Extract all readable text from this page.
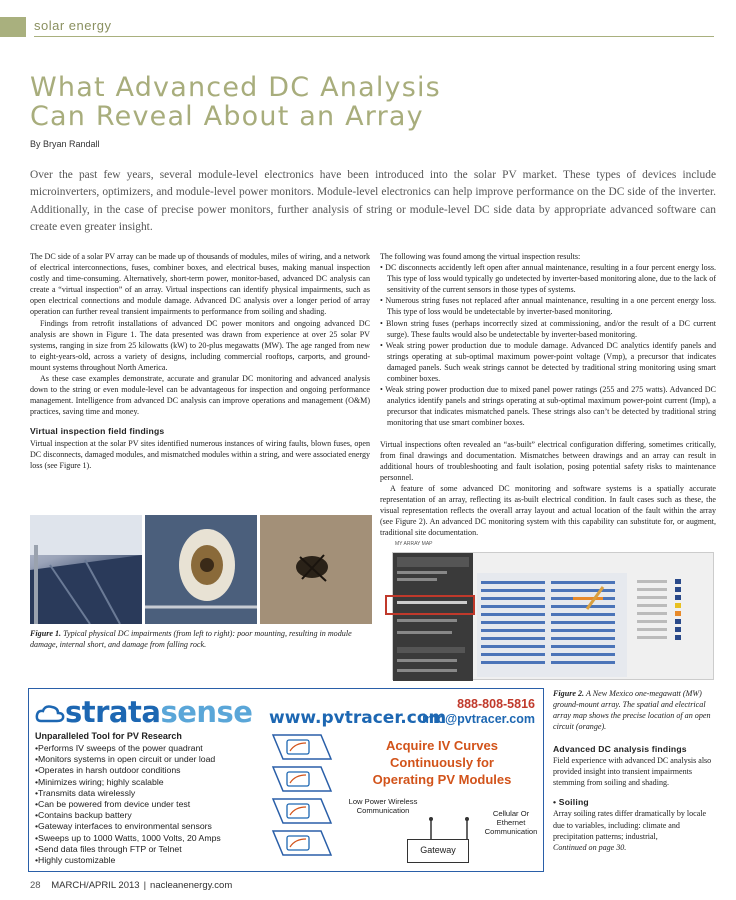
solar energy
What Advanced DC Analysis
Can Reveal About an Array
By Bryan Randall
Over the past few years, several module-level electronics have been introduced into the solar PV market. These types of devices include microinverters, optimizers, and module-level power monitors. Module-level electronics can help improve performance on the DC side of the inverter. Additionally, in the case of precise power monitors, further analysis of string or module-level DC side data by appropriate advanced software can create even greater insight.

The DC side of a solar PV array can be made up of thousands of modules, miles of wiring, and a network of electrical interconnections, fuses, combiner boxes, and electrical buses, making manual inspection costly and time-consuming. Alternatively, short-term power, monitor-based, advanced DC analysis can create a “virtual inspection” of an array. Virtual inspections can identify physical impairments, such as open electrical connections and module damage. Advanced DC analysis over a longer period of array operation can further reveal transient impairments to performance from soiling and shading.

Findings from retrofit installations of advanced DC power monitors and ongoing advanced DC analysis are shown in Figure 1. The data presented was drawn from experience at over 25 solar PV systems, ranging in size from 25 kilowatts (kW) to 20-plus megawatts (MW). The age ranged from new to eight-years-old, across a variety of designs, including commercial rooftops, carports, and ground-mount systems throughout North America.

As these case examples demonstrate, accurate and granular DC monitoring and advanced analysis down to the string or even module-level can be advantageous for inspection and ongoing performance management. Intelligence from advanced DC analysis can improve operations and management (O&M) practices, saving time and money.

Virtual inspection field findings

Virtual inspection at the solar PV sites identified numerous instances of wiring faults, blown fuses, open DC disconnects, damaged modules, and mismatched modules within a string, and were associated energy loss (see Figure 1).

Figure 1. Typical physical DC impairments (from left to right): poor mounting, resulting in module damage, internal short, and damage from falling rock.

The following was found among the virtual inspection results:

• DC disconnects accidently left open after annual maintenance, resulting in a four percent energy loss. This type of loss would typically go undetected by inverter-based monitoring alone, due to the lack of sensitivity of the current sensors in those types of systems.
• Numerous string fuses not replaced after annual maintenance, resulting in a one percent energy loss. This type of loss would be undetectable by inverter-based monitoring.
• Blown string fuses (perhaps incorrectly sized at commissioning, and/or the result of a DC current surge). These faults would also be undetectable by inverter-based monitoring.
• Weak string power production due to module damage. Advanced DC analytics identify panels and strings operating at sub-optimal maximum power-point voltage (Vmp), a precursor that indicates damaged panels. Such weak strings cannot be detected by traditional string monitoring using smart combiner boxes.
• Weak string power production due to mixed panel power ratings (255 and 275 watts). Advanced DC analytics identify panels and strings operating at sub-optimal maximum power-point current (Imp), a precursor that indicates mismatched panels. These strings also can’t be detected by traditional string monitoring that use smart combiner boxes.

Virtual inspections often revealed an “as-built” electrical configuration differing, sometimes critically, from final drawings and documentation. Mismatches between drawings and an array can result in additional hours of troubleshooting and fault isolation, posing potential safety risks to maintenance personnel.

A feature of some advanced DC monitoring and software systems is a spatially accurate representation of an array, reflecting its as-built electrical condition. In fault cases such as these, the visual representation reflects the overall array layout and actual location of the fault within the array (see Figure 2). An advanced DC monitoring system with this capability can substitute for, or augment, traditional site documentation.

MY ARRAY MAP
Figure 2. A New Mexico one-megawatt (MW) ground-mount array. The spatial and electrical array map shows the precise location of an open circuit (orange).
Advanced DC analysis findings

Field experience with advanced DC analysis also provided insight into transient impairments stemming from soiling and shading.

• Soiling

Array soiling rates differ dramatically by locale due to variables, including: climate and precipitation patterns; industrial,

Continued on page 30.

stratasense www.pvtracer.com
888-808-5816
info@pvtracer.com
Unparalleled Tool for PV Research
• Performs IV sweeps of the power quadrant
• Monitors systems in open circuit or under load
• Operates in harsh outdoor conditions
• Minimizes wiring; highly scalable
• Transmits data wirelessly
• Can be powered from device under test
• Contains backup battery
• Gateway interfaces to environmental sensors
• Sweeps up to 1000 Watts, 1000 Volts, 20 Amps
• Send data files through FTP or Telnet
• Highly customizable
Acquire IV Curves Continuously for Operating PV Modules
Low Power Wireless Communication	Cellular Or Ethernet Communication
Gateway
28 MARCH/APRIL 2013 | nacleanenergy.com
